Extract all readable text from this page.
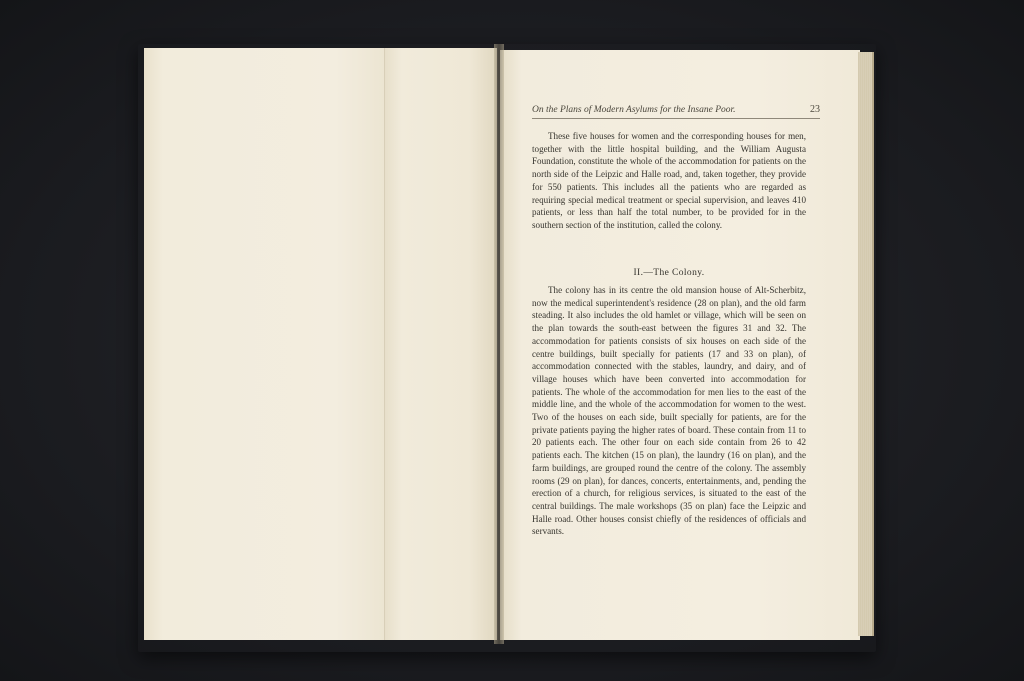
On the Plans of Modern Asylums for the Insane Poor.	23
These five houses for women and the corresponding houses for men, together with the little hospital building, and the William Augusta Foundation, constitute the whole of the accommodation for patients on the north side of the Leipzic and Halle road, and, taken together, they provide for 550 patients. This includes all the patients who are regarded as requiring special medical treatment or special supervision, and leaves 410 patients, or less than half the total number, to be provided for in the southern section of the institution, called the colony.
II.—The Colony.
The colony has in its centre the old mansion house of Alt-Scherbitz, now the medical superintendent's residence (28 on plan), and the old farm steading. It also includes the old hamlet or village, which will be seen on the plan towards the south-east between the figures 31 and 32. The accommodation for patients consists of six houses on each side of the centre buildings, built specially for patients (17 and 33 on plan), of accommodation connected with the stables, laundry, and dairy, and of village houses which have been converted into accommodation for patients. The whole of the accommodation for men lies to the east of the middle line, and the whole of the accommodation for women to the west. Two of the houses on each side, built specially for patients, are for the private patients paying the higher rates of board. These contain from 11 to 20 patients each. The other four on each side contain from 26 to 42 patients each. The kitchen (15 on plan), the laundry (16 on plan), and the farm buildings, are grouped round the centre of the colony. The assembly rooms (29 on plan), for dances, concerts, entertainments, and, pending the erection of a church, for religious services, is situated to the east of the central buildings. The male workshops (35 on plan) face the Leipzic and Halle road. Other houses consist chiefly of the residences of officials and servants.
